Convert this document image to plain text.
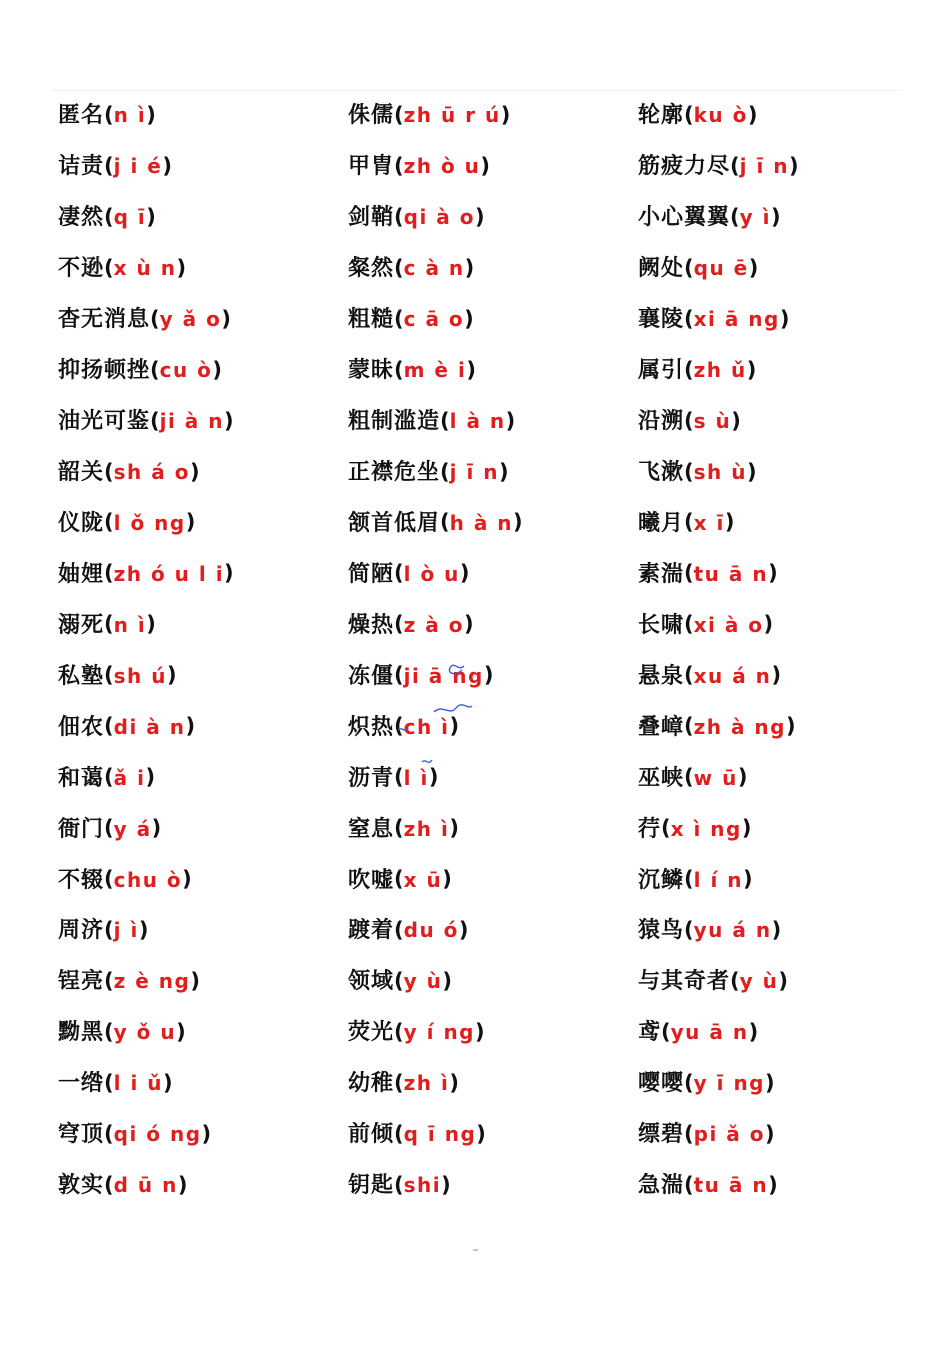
匿名 ( n ì )	侏儒 ( zh ū r ú )	轮廓 ( ku ò )
诘责 ( j i é )	甲胄 ( zh ò u )	筋疲力尽 ( j ī n )
凄然 ( q ī )	剑鞘 ( qi à o )	小心翼翼 ( y ì )
不逊 ( x ù n )	粲然 ( c à n )	阙处 ( qu ē )
杳无消息 ( y ǎ o )	粗糙 ( c ā o )	襄陵 ( xi ā ng )
抑扬顿挫 ( cu ò )	蒙昧 ( m è i )	属引 ( zh ǔ )
油光可鉴 ( ji à n )	粗制滥造 ( l à n )	沿溯 ( s ù )
韶关 ( sh á o )	正襟危坐 ( j ī n )	飞漱 ( sh ù )
仪陇 ( l ǒ ng )	颔首低眉 ( h à n )	曦月 ( x ī )
妯娌 ( zh ó u l i )	简陋 ( l ò u )	素湍 ( tu ā n )
溺死 ( n ì )	燥热 ( z à o )	长啸 ( xi à o )
私塾 ( sh ú )	冻僵 ( ji ā ng )	悬泉 ( xu á n )
佃农 ( di à n )	炽热 ( ch ì )	叠嶂 ( zh à ng )
和蔼 ( ǎ i )	沥青 ( l ì )	巫峡 ( w ū )
衙门 ( y á )	窒息 ( zh ì )	荇 ( x ì ng )
不辍 ( chu ò )	吹嘘 ( x ū )	沉鳞 ( l í n )
周济 ( j ì )	踱着 ( du ó )	猿鸟 ( yu á n )
锃亮 ( z è ng )	领域 ( y ù )	与其奇者 ( y ù )
黝黑 ( y ǒ u )	荧光 ( y í ng )	鸢 ( yu ā n )
一绺 ( l i ǔ )	幼稚 ( zh ì )	嘤嘤 ( y ī ng )
穹顶 ( qi ó ng )	前倾 ( q ī ng )	缥碧 ( pi ǎ o )
敦实 ( d ū n )	钥匙 ( shi )	急湍 ( tu ā n )
